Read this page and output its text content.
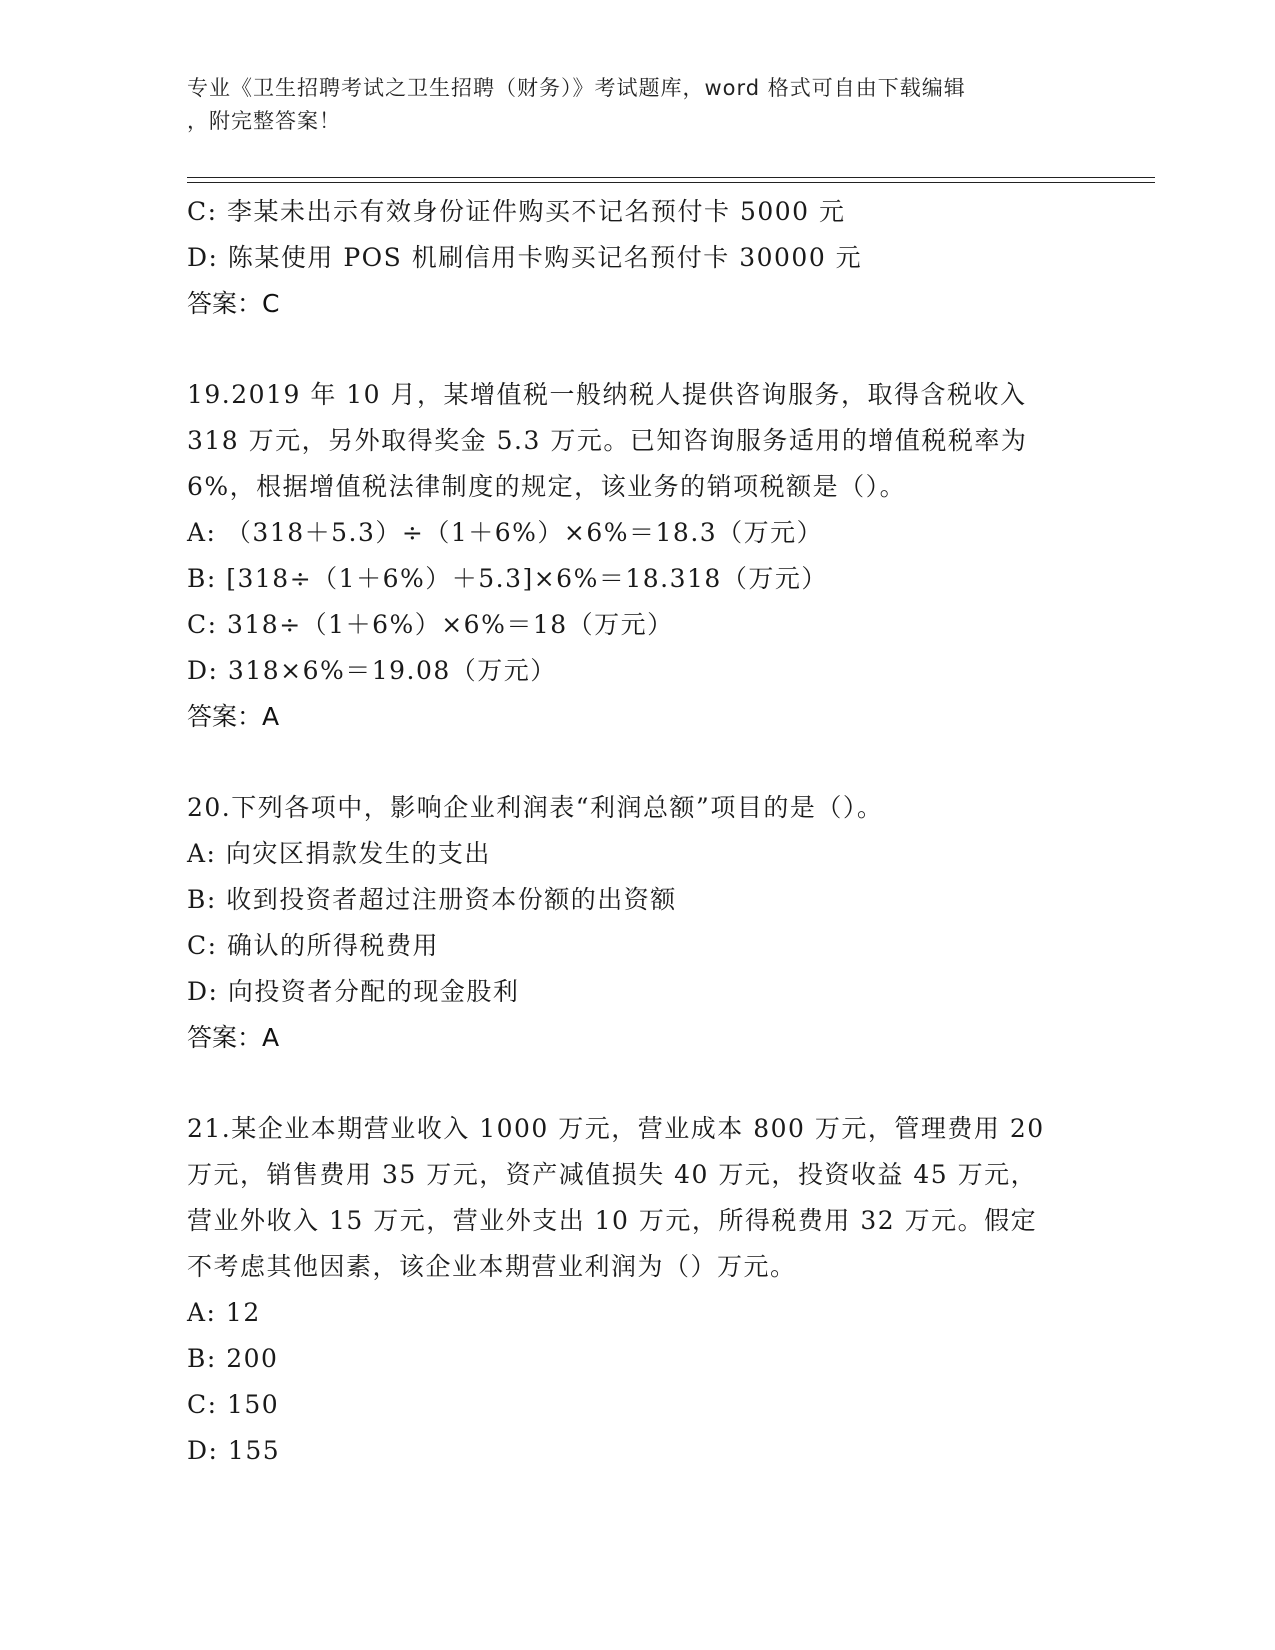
专业《卫生招聘考试之卫生招聘（财务）》考试题库，word 格式可自由下载编辑
，附完整答案！
C: 李某未出示有效身份证件购买不记名预付卡 5000 元
D: 陈某使用 POS 机刷信用卡购买记名预付卡 30000 元
答案：C
19.2019 年 10 月，某增值税一般纳税人提供咨询服务，取得含税收入
318 万元，另外取得奖金 5.3 万元。已知咨询服务适用的增值税税率为
6%，根据增值税法律制度的规定，该业务的销项税额是（）。
A: （318＋5.3）÷（1＋6%）×6%＝18.3（万元）
B: [318÷（1＋6%）＋5.3]×6%＝18.318（万元）
C: 318÷（1＋6%）×6%＝18（万元）
D: 318×6%＝19.08（万元）
答案：A
20.下列各项中，影响企业利润表“利润总额”项目的是（）。
A: 向灾区捐款发生的支出
B: 收到投资者超过注册资本份额的出资额
C: 确认的所得税费用
D: 向投资者分配的现金股利
答案：A
21.某企业本期营业收入 1000 万元，营业成本 800 万元，管理费用 20
万元，销售费用 35 万元，资产减值损失 40 万元，投资收益 45 万元，
营业外收入 15 万元，营业外支出 10 万元，所得税费用 32 万元。假定
不考虑其他因素，该企业本期营业利润为（）万元。
A: 12
B: 200
C: 150
D: 155
